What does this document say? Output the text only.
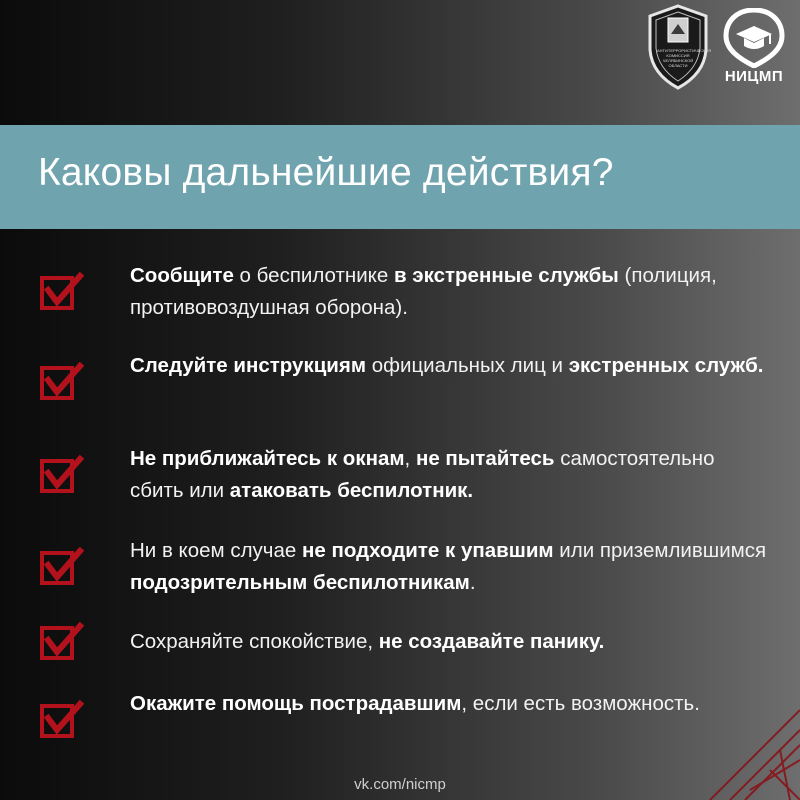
АНТИТЕРРОРИСТИЧЕСКАЯ КОМИССИЯ ЧЕЛЯБИНСКОЙ ОБЛАСТИ
НИЦМП
Каковы дальнейшие действия?
Сообщите о беспилотнике в экстренные службы (полиция, противовоздушная оборона).
Следуйте инструкциям официальных лиц и экстренных служб.
Не приближайтесь к окнам, не пытайтесь самостоятельно сбить или атаковать беспилотник.
Ни в коем случае не подходите к упавшим или приземлившимся подозрительным беспилотникам.
Сохраняйте спокойствие, не создавайте панику.
Окажите помощь пострадавшим, если есть возможность.
vk.com/nicmp
